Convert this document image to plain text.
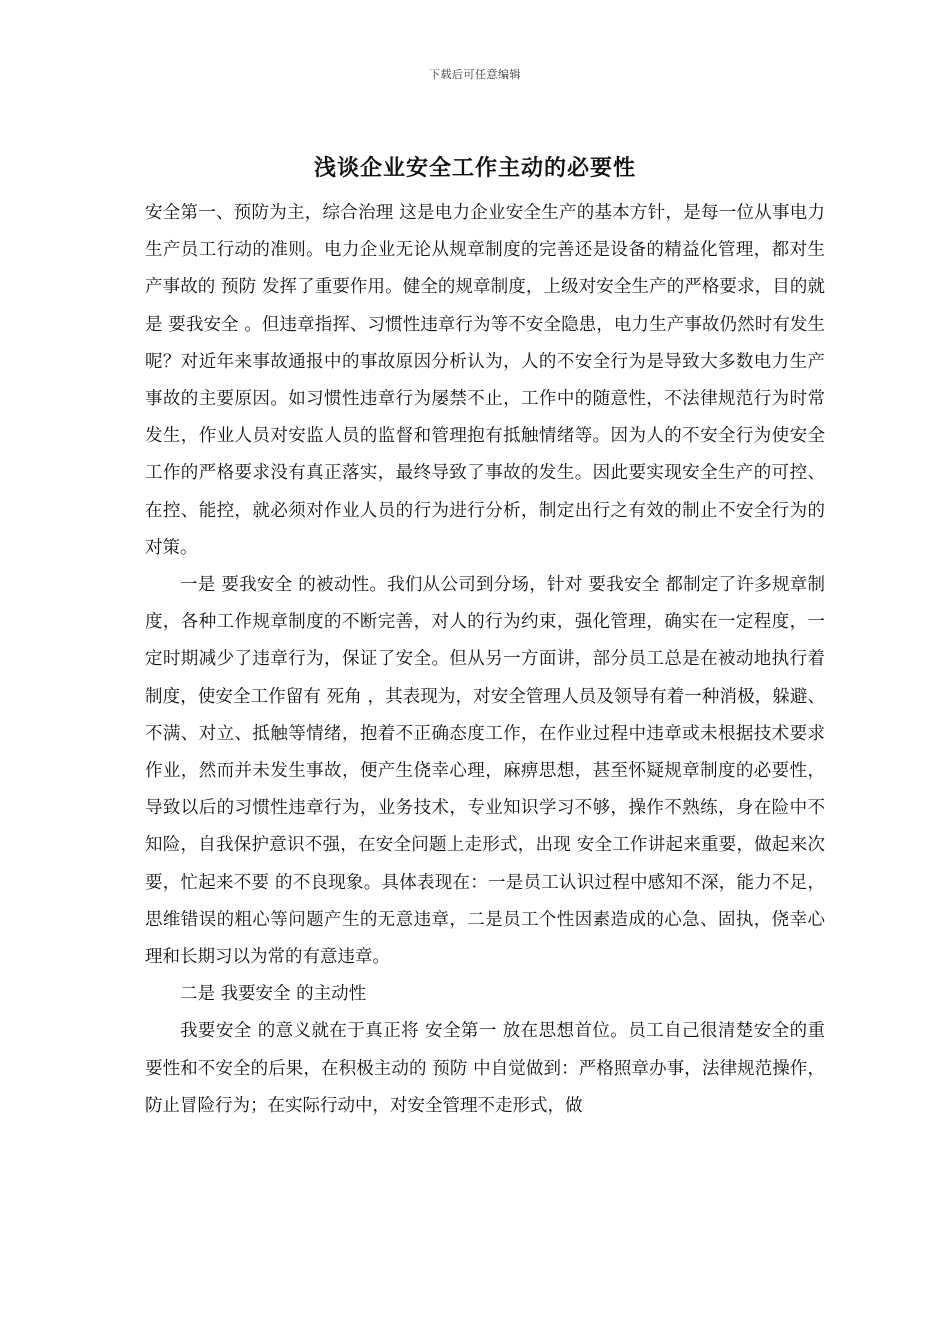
下载后可任意编辑
浅谈企业安全工作主动的必要性

安全第一、预防为主，综合治理 这是电力企业安全生产的基本方针，是每一位从事电力生产员工行动的准则。电力企业无论从规章制度的完善还是设备的精益化管理，都对生产事故的 预防 发挥了重要作用。健全的规章制度，上级对安全生产的严格要求，目的就是 要我安全 。但违章指挥、习惯性违章行为等不安全隐患，电力生产事故仍然时有发生呢？对近年来事故通报中的事故原因分析认为，人的不安全行为是导致大多数电力生产事故的主要原因。如习惯性违章行为屡禁不止，工作中的随意性，不法律规范行为时常发生，作业人员对安监人员的监督和管理抱有抵触情绪等。因为人的不安全行为使安全工作的严格要求没有真正落实，最终导致了事故的发生。因此要实现安全生产的可控、在控、能控，就必须对作业人员的行为进行分析，制定出行之有效的制止不安全行为的对策。

一是 要我安全 的被动性。我们从公司到分场，针对 要我安全 都制定了许多规章制度，各种工作规章制度的不断完善，对人的行为约束，强化管理，确实在一定程度，一定时期减少了违章行为，保证了安全。但从另一方面讲，部分员工总是在被动地执行着制度，使安全工作留有 死角 ，其表现为，对安全管理人员及领导有着一种消极，躲避、不满、对立、抵触等情绪，抱着不正确态度工作，在作业过程中违章或未根据技术要求作业，然而并未发生事故，便产生侥幸心理，麻痹思想，甚至怀疑规章制度的必要性，导致以后的习惯性违章行为，业务技术，专业知识学习不够，操作不熟练，身在险中不知险，自我保护意识不强，在安全问题上走形式，出现 安全工作讲起来重要，做起来次要，忙起来不要 的不良现象。具体表现在：一是员工认识过程中感知不深，能力不足，思维错误的粗心等问题产生的无意违章，二是员工个性因素造成的心急、固执，侥幸心理和长期习以为常的有意违章。

二是 我要安全 的主动性

我要安全 的意义就在于真正将 安全第一 放在思想首位。员工自己很清楚安全的重要性和不安全的后果，在积极主动的 预防 中自觉做到：严格照章办事，法律规范操作，防止冒险行为；在实际行动中，对安全管理不走形式，做
